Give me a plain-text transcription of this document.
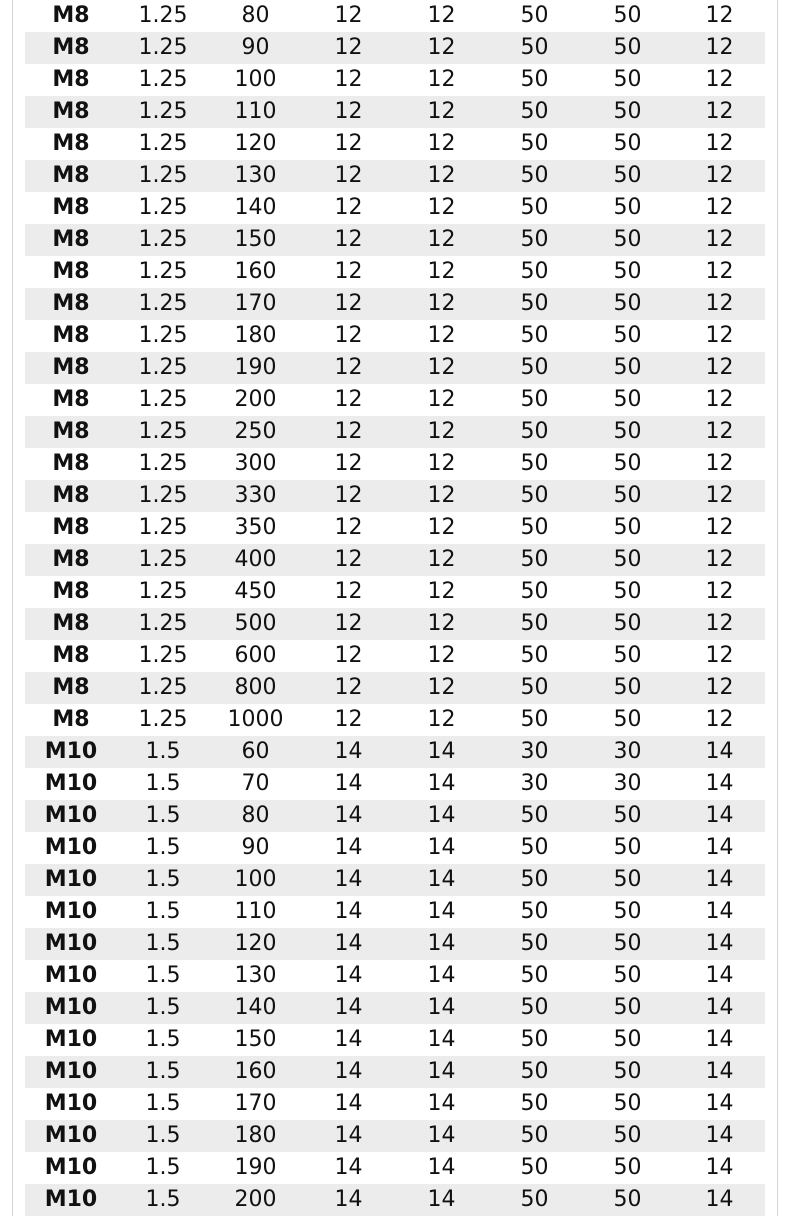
M8	1.25	80	12	12	50	50	12
M8	1.25	90	12	12	50	50	12
M8	1.25	100	12	12	50	50	12
M8	1.25	110	12	12	50	50	12
M8	1.25	120	12	12	50	50	12
M8	1.25	130	12	12	50	50	12
M8	1.25	140	12	12	50	50	12
M8	1.25	150	12	12	50	50	12
M8	1.25	160	12	12	50	50	12
M8	1.25	170	12	12	50	50	12
M8	1.25	180	12	12	50	50	12
M8	1.25	190	12	12	50	50	12
M8	1.25	200	12	12	50	50	12
M8	1.25	250	12	12	50	50	12
M8	1.25	300	12	12	50	50	12
M8	1.25	330	12	12	50	50	12
M8	1.25	350	12	12	50	50	12
M8	1.25	400	12	12	50	50	12
M8	1.25	450	12	12	50	50	12
M8	1.25	500	12	12	50	50	12
M8	1.25	600	12	12	50	50	12
M8	1.25	800	12	12	50	50	12
M8	1.25	1000	12	12	50	50	12
M10	1.5	60	14	14	30	30	14
M10	1.5	70	14	14	30	30	14
M10	1.5	80	14	14	50	50	14
M10	1.5	90	14	14	50	50	14
M10	1.5	100	14	14	50	50	14
M10	1.5	110	14	14	50	50	14
M10	1.5	120	14	14	50	50	14
M10	1.5	130	14	14	50	50	14
M10	1.5	140	14	14	50	50	14
M10	1.5	150	14	14	50	50	14
M10	1.5	160	14	14	50	50	14
M10	1.5	170	14	14	50	50	14
M10	1.5	180	14	14	50	50	14
M10	1.5	190	14	14	50	50	14
M10	1.5	200	14	14	50	50	14
